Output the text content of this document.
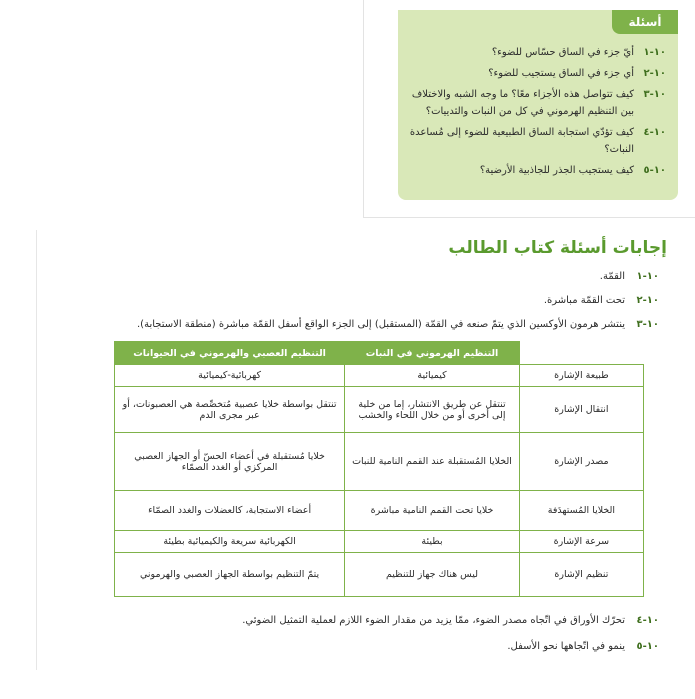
أسئلة
١٠-١
أيّ جزء في الساق حسّاس للضوء؟
١٠-٢
أي جزء في الساق يستجيب للضوء؟
١٠-٣
كيف تتواصل هذه الأجزاء معًا؟ ما وجه الشبه والاختلاف بين التنظيم الهرموني في كل من النبات والثدييات؟
١٠-٤
كيف تؤدّي استجابة الساق الطبيعية للضوء إلى مُساعدة النبات؟
١٠-٥
كيف يستجيب الجذر للجاذبية الأرضية؟
إجابات أسئلة كتاب الطالب
١٠-١
القمّة.
١٠-٢
تحت القمّة مباشرة.
١٠-٣
ينتشر هرمون الأوكسين الذي يتمّ صنعه في القمّة (المستقبل) إلى الجزء الواقع أسفل القمّة مباشرة (منطقة الاستجابة).
	التنظيم الهرموني في النبات	التنظيم العصبي والهرموني في الحيوانات
طبيعة الإشارة	كيميائية	كهربائية-كيميائية
انتقال الإشارة	تنتقل عن طريق الانتشار، إما من خلية إلى أخرى أو من خلال اللحاء والخشب	تنتقل بواسطة خلايا عصبية مُتخصِّصة هي العصبونات، أو عبر مجرى الدم
مصدر الإشارة	الخلايا المُستقبلة عند القمم النامية للنبات	خلايا مُستقبلة في أعضاء الحسّ أو الجهاز العصبي المركزي أو الغدد الصمّاء
الخلايا المُستهدَفة	خلايا تحت القمم النامية مباشرة	أعضاء الاستجابة، كالعضلات والغدد الصمّاء
سرعة الإشارة	بطيئة	الكهربائية سريعة والكيميائية بطيئة
تنظيم الإشارة	ليس هناك جهاز للتنظيم	يتمّ التنظيم بواسطة الجهاز العصبي والهرموني
١٠-٤
تحرّك الأوراق في اتّجاه مصدر الضوء، ممّا يزيد من مقدار الضوء اللازم لعملية التمثيل الضوئي.
١٠-٥
ينمو في اتّجاهها نحو الأسفل.
